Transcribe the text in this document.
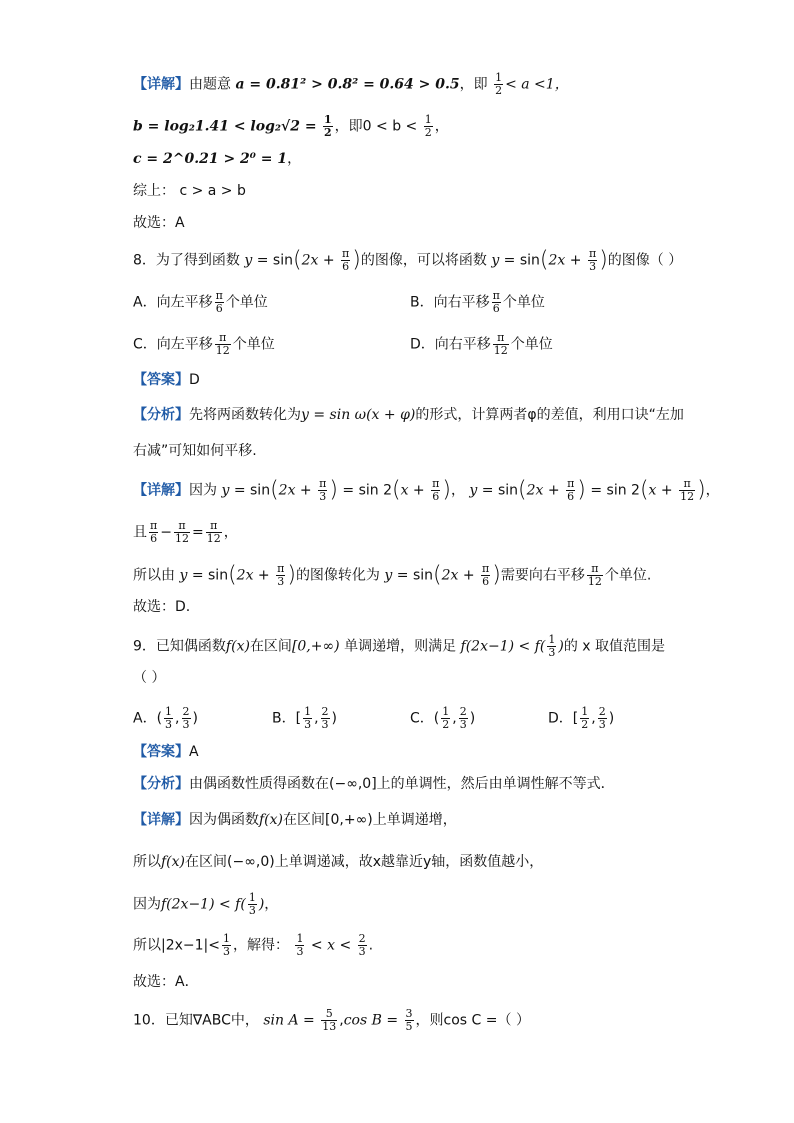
【详解】由题意 a = 0.81² > 0.8² = 0.64 > 0.5，即 $\frac{1}{2} < a <1$，
$b = \log_21.41 < \log_2√2 = \frac{1}{2}$ ，即$0 < b < \frac{1}{2}$ ，
c = 2^0.21 > 2⁰ = 1，
综上： c > a > b
故选：A
8．为了得到函数 $y = \sin(2x + \frac{\pi}{6}$ )的图像，可以将函数 $y = \sin(2x + \frac{\pi}{3}$ )的图像（ ）
A．向左平移 $\frac{\pi}{6}$ 个单位	B．向右平移 $\frac{\pi}{6}$ 个单位
C．向左平移 $\frac{\pi}{12}$ 个单位	D．向右平移 $\frac{\pi}{12}$ 个单位
【答案】D
【分析】先将两函数转化为y = sin ω(x + φ)的形式，计算两者φ的差值，利用口诀“左加
右减”可知如何平移.
【详解】因为 $y = \sin(2x + \frac{\pi}{3}$ ) = $\sin 2(x + \frac{\pi}{6}$ )， $y = \sin(2x + \frac{\pi}{6}$ ) = $\sin 2(x + \frac{\pi}{12}$ )，
且 $\frac{\pi}{6} - \frac{\pi}{12} = \frac{\pi}{12}$ ，
所以由 $y = \sin(2x + \frac{\pi}{3}$ )的图像转化为 $y = \sin(2x + \frac{\pi}{6}$ )需要向右平移 $\frac{\pi}{12}$ 个单位.
故选：D.
9．已知偶函数f(x)在区间[0,+∞) 单调递增，则满足 $f(2x-1) < f( \frac{1}{3}$ )的 x 取值范围是
（ ）
A．( $\frac{1}{3}$ , $\frac{2}{3}$ )	B．[ $\frac{1}{3}$ , $\frac{2}{3}$ )	C．( $\frac{1}{2}$ , $\frac{2}{3}$ )	D．[ $\frac{1}{2}$ , $\frac{2}{3}$ )
【答案】A
【分析】由偶函数性质得函数在(−∞,0]上的单调性，然后由单调性解不等式．
【详解】因为偶函数f(x)在区间[0,+∞)上单调递增，
所以f(x)在区间(−∞,0)上单调递减，故x越靠近y轴，函数值越小，
因为$f(2x-1) < f( \frac{1}{3}$ )，
所以$|2x-1|< \frac{1}{3}$ ，解得： $\frac{1}{3} < x < \frac{2}{3}$ .
故选：A．
10．已知∇ABC中， $\sin A = \frac{5}{13} ,\cos$ $B = \frac{3}{5}$ ，则cos C =（ ）
